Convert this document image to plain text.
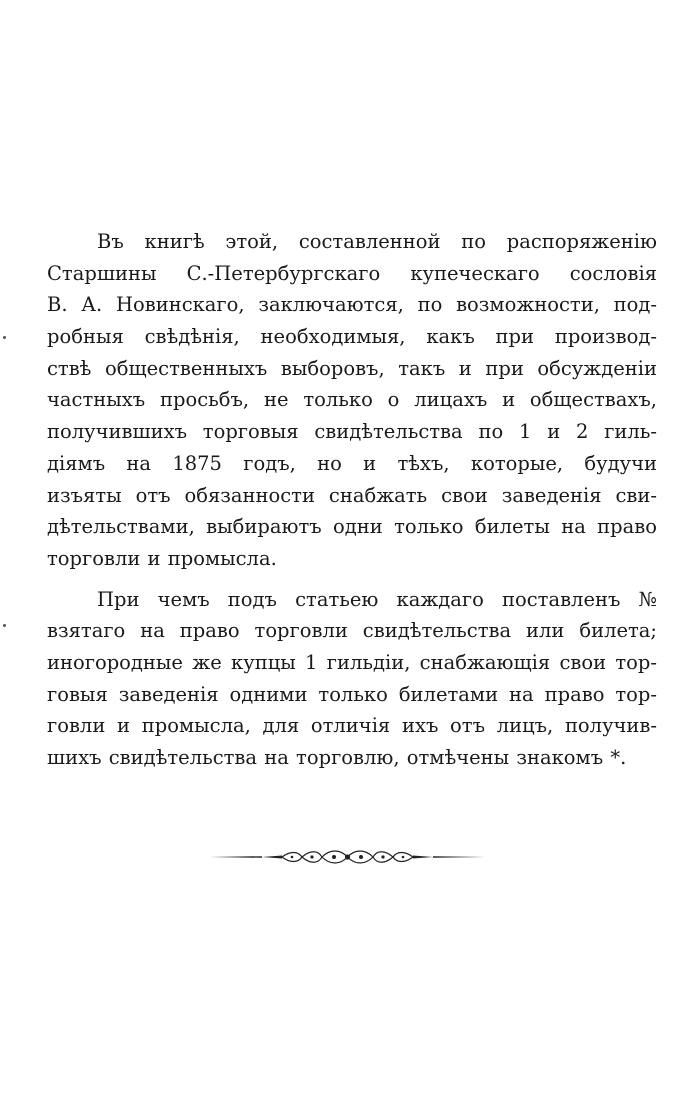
Въ книгѣ этой, составленной по распоряженію
Старшины С.-Петербургскаго купеческаго сословія
В. А. Новинскаго, заключаются, по возможности, под-
робныя свѣдѣнія, необходимыя, какъ при производ-
ствѣ общественныхъ выборовъ, такъ и при обсужденіи
частныхъ просьбъ, не только о лицахъ и обществахъ,
получившихъ торговыя свидѣтельства по 1 и 2 гиль-
діямъ на 1875 годъ, но и тѣхъ, которые, будучи
изъяты отъ обязанности снабжать свои заведенія сви-
дѣтельствами, выбираютъ одни только билеты на право
торговли и промысла.
При чемъ подъ статьею каждаго поставленъ №
взятаго на право торговли свидѣтельства или билета;
иногородные же купцы 1 гильдіи, снабжающія свои тор-
говыя заведенія одними только билетами на право тор-
говли и промысла, для отличія ихъ отъ лицъ, получив-
шихъ свидѣтельства на торговлю, отмѣчены знакомъ *.
